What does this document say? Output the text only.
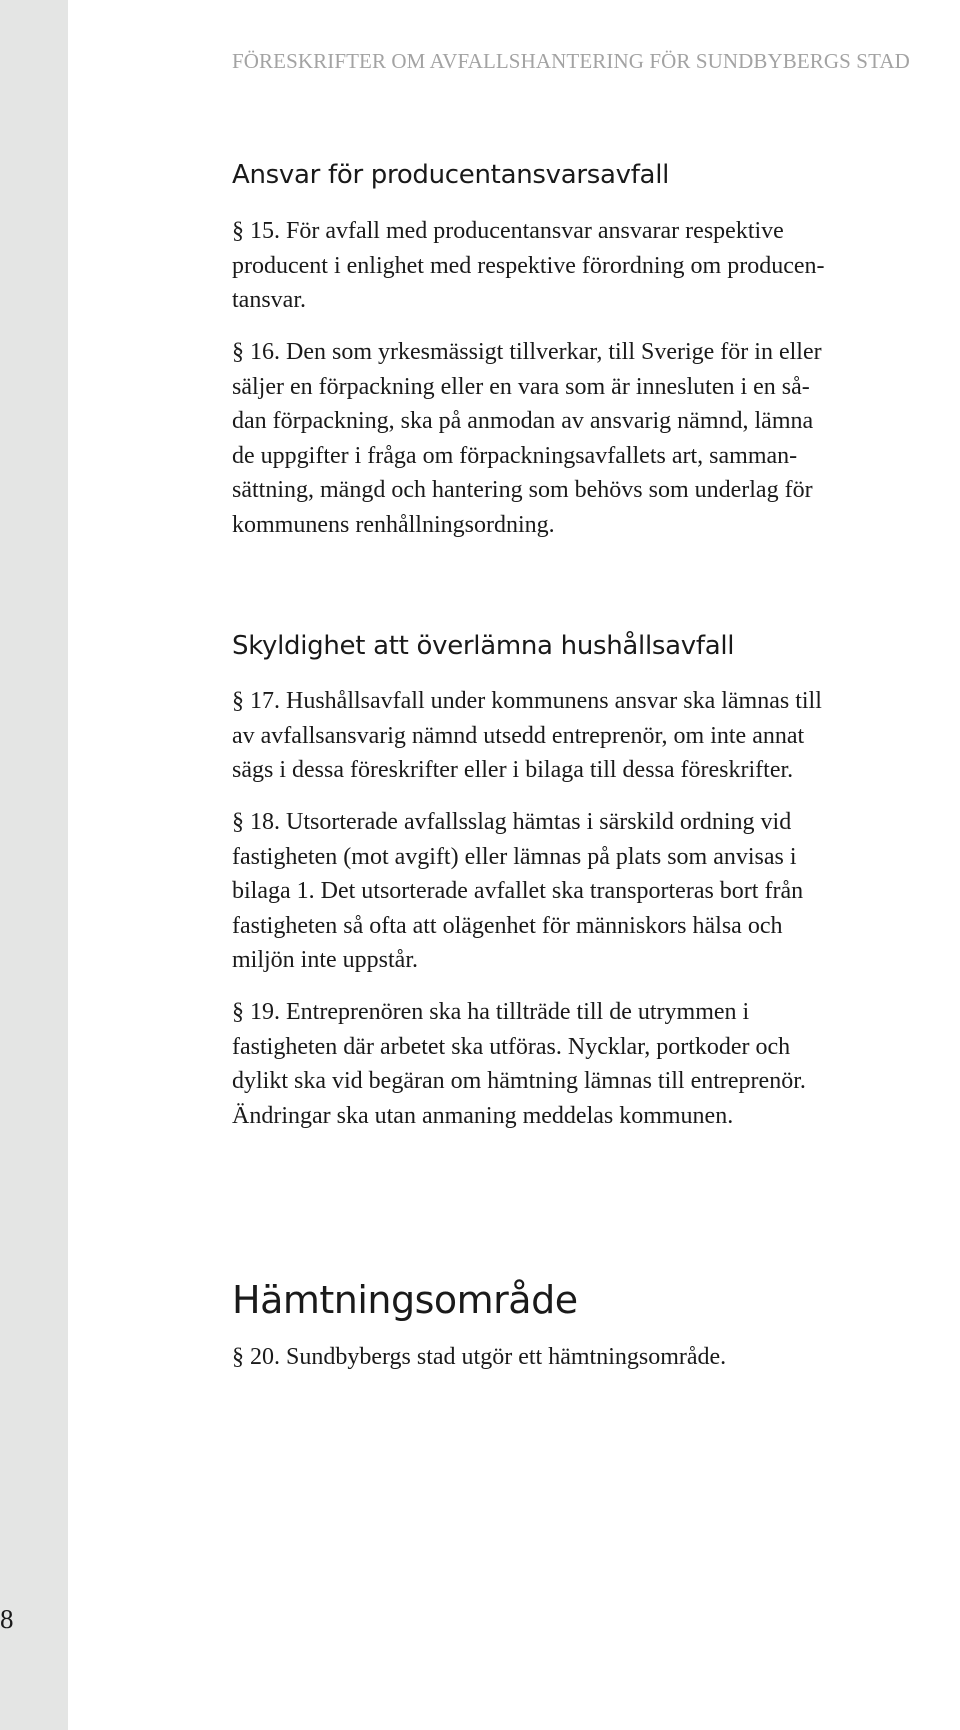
8
FÖRESKRIFTER OM AVFALLSHANTERING FÖR SUNDBYBERGS STAD
Ansvar för producentansvarsavfall

§ 15. För avfall med producentansvar ansvarar respektive
producent i enlighet med respektive förordning om producen-
tansvar.

§ 16. Den som yrkesmässigt tillverkar, till Sverige för in eller
säljer en förpackning eller en vara som är innesluten i en så-
dan förpackning, ska på anmodan av ansvarig nämnd, lämna
de uppgifter i fråga om förpackningsavfallets art, samman-
sättning, mängd och hantering som behövs som underlag för
kommunens renhållningsordning.

Skyldighet att överlämna hushållsavfall

§ 17. Hushållsavfall under kommunens ansvar ska lämnas till
av avfallsansvarig nämnd utsedd entreprenör, om inte annat
sägs i dessa föreskrifter eller i bilaga till dessa föreskrifter.

§ 18. Utsorterade avfallsslag hämtas i särskild ordning vid
fastigheten (mot avgift) eller lämnas på plats som anvisas i
bilaga 1. Det utsorterade avfallet ska transporteras bort från
fastigheten så ofta att olägenhet för människors hälsa och
miljön inte uppstår.

§ 19. Entreprenören ska ha tillträde till de utrymmen i
fastigheten där arbetet ska utföras. Nycklar, portkoder och
dylikt ska vid begäran om hämtning lämnas till entreprenör.
Ändringar ska utan anmaning meddelas kommunen.

Hämtningsområde

§ 20. Sundbybergs stad utgör ett hämtningsområde.
